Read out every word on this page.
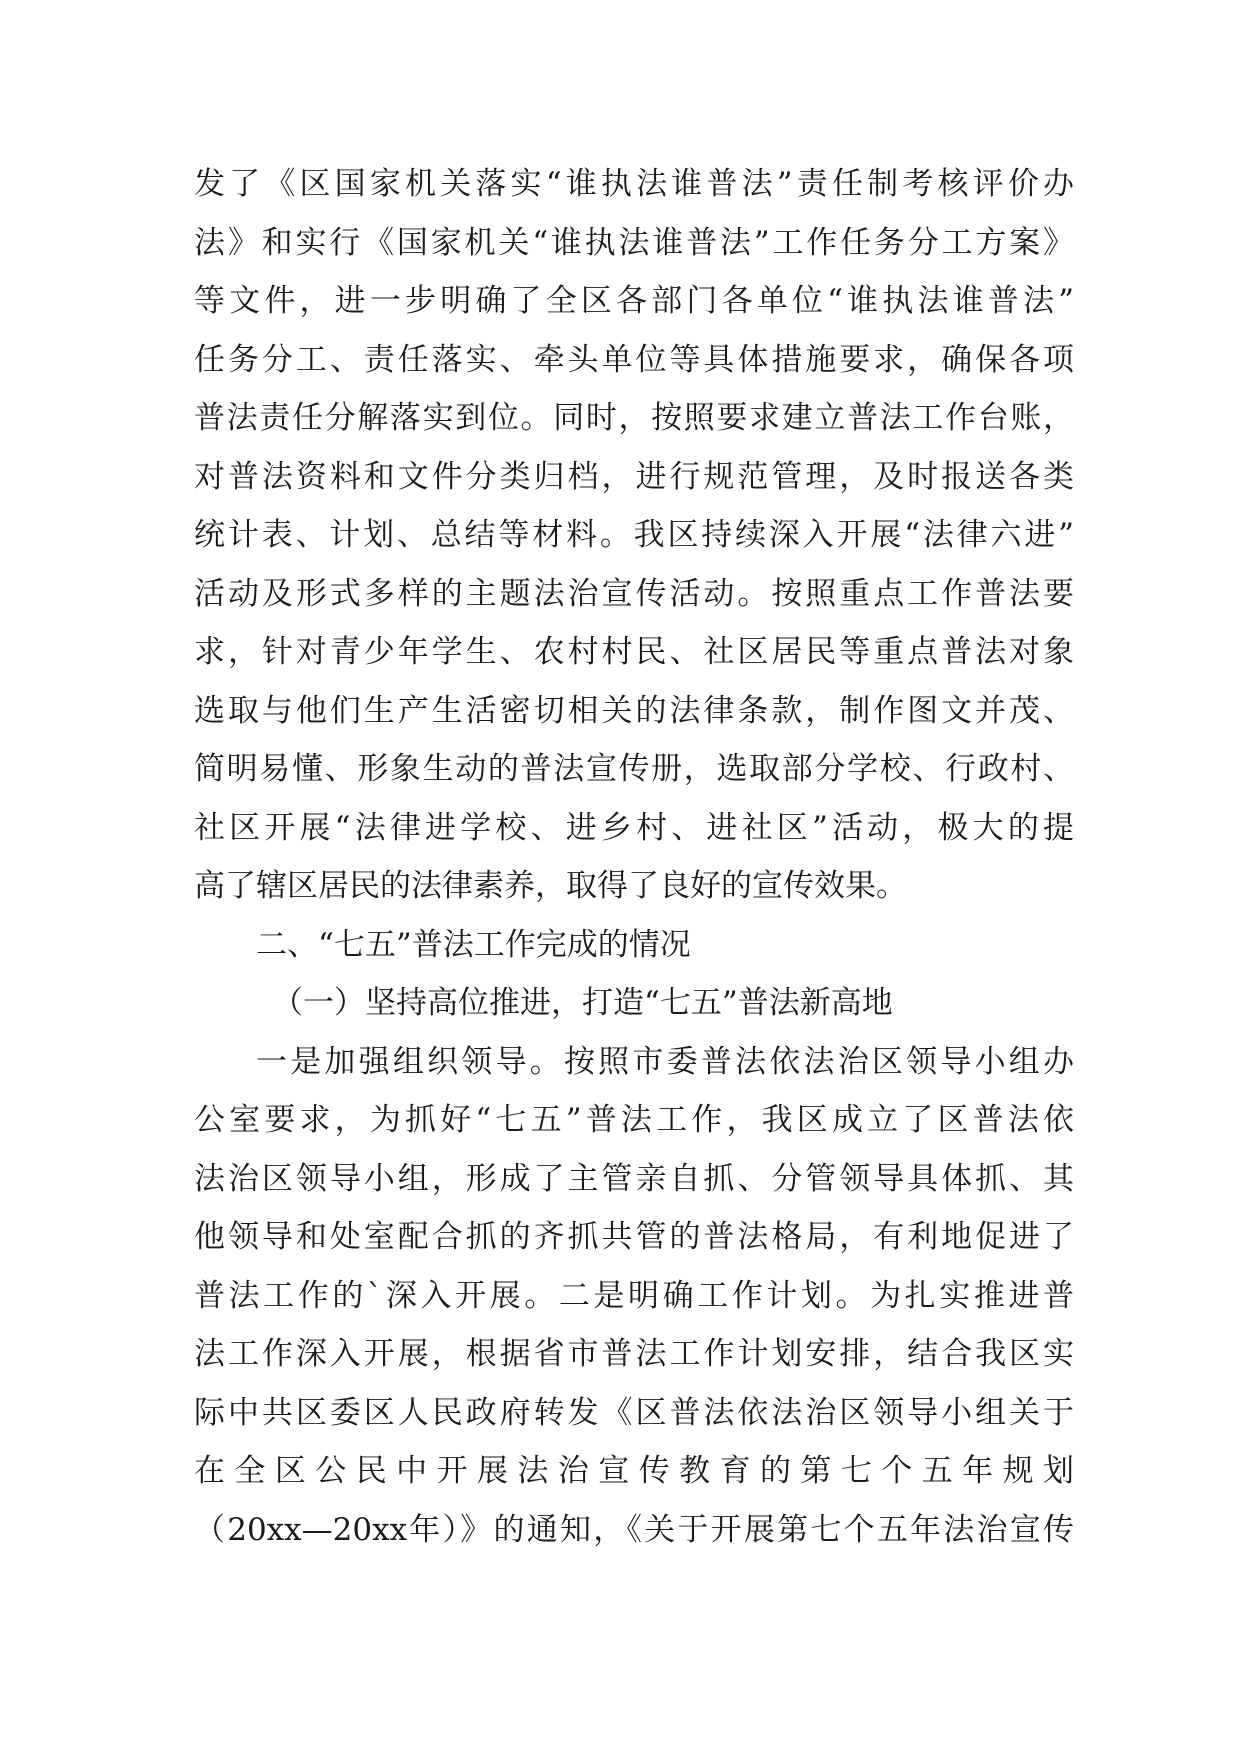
发了《区国家机关落实“谁执法谁普法”责任制考核评价办

法》和实行《国家机关“谁执法谁普法”工作任务分工方案》

等文件，进一步明确了全区各部门各单位“谁执法谁普法”

任务分工、责任落实、牵头单位等具体措施要求，确保各项

普法责任分解落实到位。同时，按照要求建立普法工作台账，

对普法资料和文件分类归档，进行规范管理，及时报送各类

统计表、计划、总结等材料。我区持续深入开展“法律六进”

活动及形式多样的主题法治宣传活动。按照重点工作普法要

求，针对青少年学生、农村村民、社区居民等重点普法对象

选取与他们生产生活密切相关的法律条款，制作图文并茂、

简明易懂、形象生动的普法宣传册，选取部分学校、行政村、

社区开展“法律进学校、进乡村、进社区”活动，极大的提

高了辖区居民的法律素养，取得了良好的宣传效果。

二、“七五”普法工作完成的情况

（一）坚持高位推进，打造“七五”普法新高地

一是加强组织领导。按照市委普法依法治区领导小组办

公室要求，为抓好“七五”普法工作，我区成立了区普法依

法治区领导小组，形成了主管亲自抓、分管领导具体抓、其

他领导和处室配合抓的齐抓共管的普法格局，有利地促进了

普法工作的`深入开展。二是明确工作计划。为扎实推进普

法工作深入开展，根据省市普法工作计划安排，结合我区实

际中共区委区人民政府转发《区普法依法治区领导小组关于

在全区公民中开展法治宣传教育的第七个五年规划

（20xx—20xx年）》的通知，《关于开展第七个五年法治宣传
